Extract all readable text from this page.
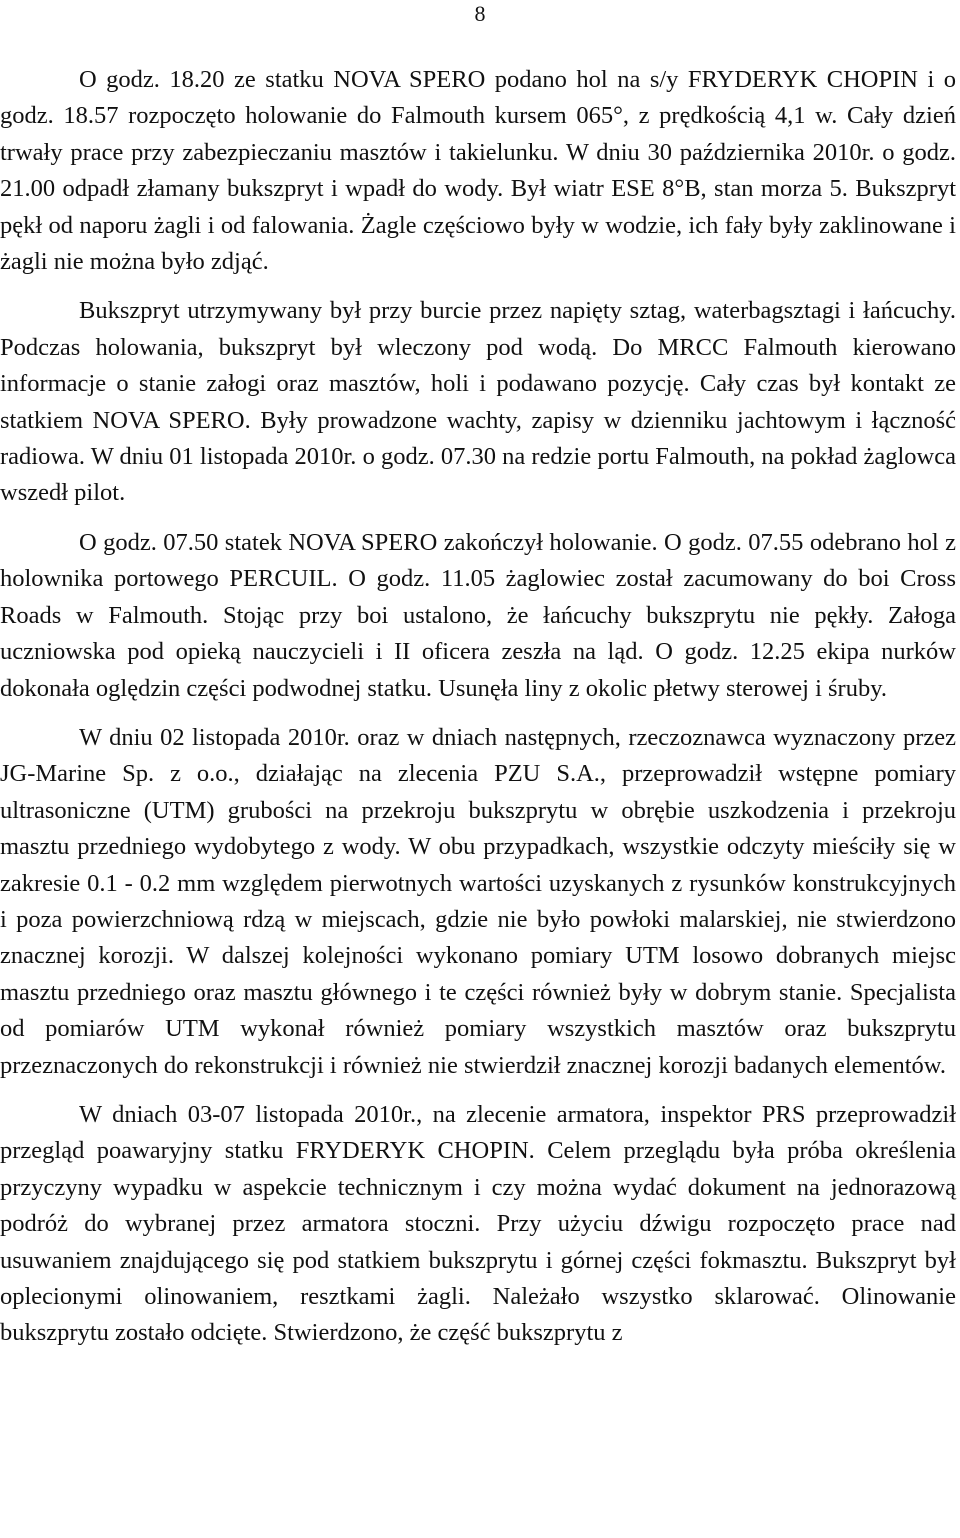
8

O godz. 18.20 ze statku NOVA SPERO podano hol na s/y FRYDERYK CHOPIN i o godz. 18.57 rozpoczęto holowanie do Falmouth kursem 065°, z prędkością 4,1 w. Cały dzień trwały prace przy zabezpieczaniu masztów i takielunku. W dniu 30 października 2010r. o godz. 21.00 odpadł złamany bukszpryt i wpadł do wody. Był wiatr ESE 8°B, stan morza 5. Bukszpryt pękł od naporu żagli i od falowania. Żagle częściowo były w wodzie, ich fały były zaklinowane i żagli nie można było zdjąć.

Bukszpryt utrzymywany był przy burcie przez napięty sztag, waterbagsztagi i łańcuchy. Podczas holowania, bukszpryt był wleczony pod wodą. Do MRCC Falmouth kierowano informacje o stanie załogi oraz masztów, holi i podawano pozycję. Cały czas był kontakt ze statkiem NOVA SPERO. Były prowadzone wachty, zapisy w dzienniku jachtowym i łączność radiowa. W dniu 01 listopada 2010r. o godz. 07.30 na redzie portu Falmouth, na pokład żaglowca wszedł pilot.

O godz. 07.50 statek NOVA SPERO zakończył holowanie. O godz. 07.55 odebrano hol z holownika portowego PERCUIL. O godz. 11.05 żaglowiec został zacumowany do boi Cross Roads w Falmouth. Stojąc przy boi ustalono, że łańcuchy bukszprytu nie pękły. Załoga uczniowska pod opieką nauczycieli i II oficera zeszła na ląd. O godz. 12.25 ekipa nurków dokonała oględzin części podwodnej statku. Usunęła liny z okolic płetwy sterowej i śruby.

W dniu 02 listopada 2010r. oraz w dniach następnych, rzeczoznawca wyznaczony przez JG-Marine Sp. z o.o., działając na zlecenia PZU S.A., przeprowadził wstępne pomiary ultrasoniczne (UTM) grubości na przekroju bukszprytu w obrębie uszkodzenia i przekroju masztu przedniego wydobytego z wody. W obu przypadkach, wszystkie odczyty mieściły się w zakresie 0.1 - 0.2 mm względem pierwotnych wartości uzyskanych z rysunków konstrukcyjnych i poza powierzchniową rdzą w miejscach, gdzie nie było powłoki malarskiej, nie stwierdzono znacznej korozji. W dalszej kolejności wykonano pomiary UTM losowo dobranych miejsc masztu przedniego oraz masztu głównego i te części również były w dobrym stanie. Specjalista od pomiarów UTM wykonał również pomiary wszystkich masztów oraz bukszprytu przeznaczonych do rekonstrukcji i również nie stwierdził znacznej korozji badanych elementów.

W dniach 03-07 listopada 2010r., na zlecenie armatora, inspektor PRS przeprowadził przegląd poawaryjny statku FRYDERYK CHOPIN. Celem przeglądu była próba określenia przyczyny wypadku w aspekcie technicznym i czy można wydać dokument na jednorazową podróż do wybranej przez armatora stoczni. Przy użyciu dźwigu rozpoczęto prace nad usuwaniem znajdującego się pod statkiem bukszprytu i górnej części fokmasztu. Bukszpryt był oplecionymi olinowaniem, resztkami żagli. Należało wszystko sklarować. Olinowanie bukszprytu zostało odcięte. Stwierdzono, że część bukszprytu z
